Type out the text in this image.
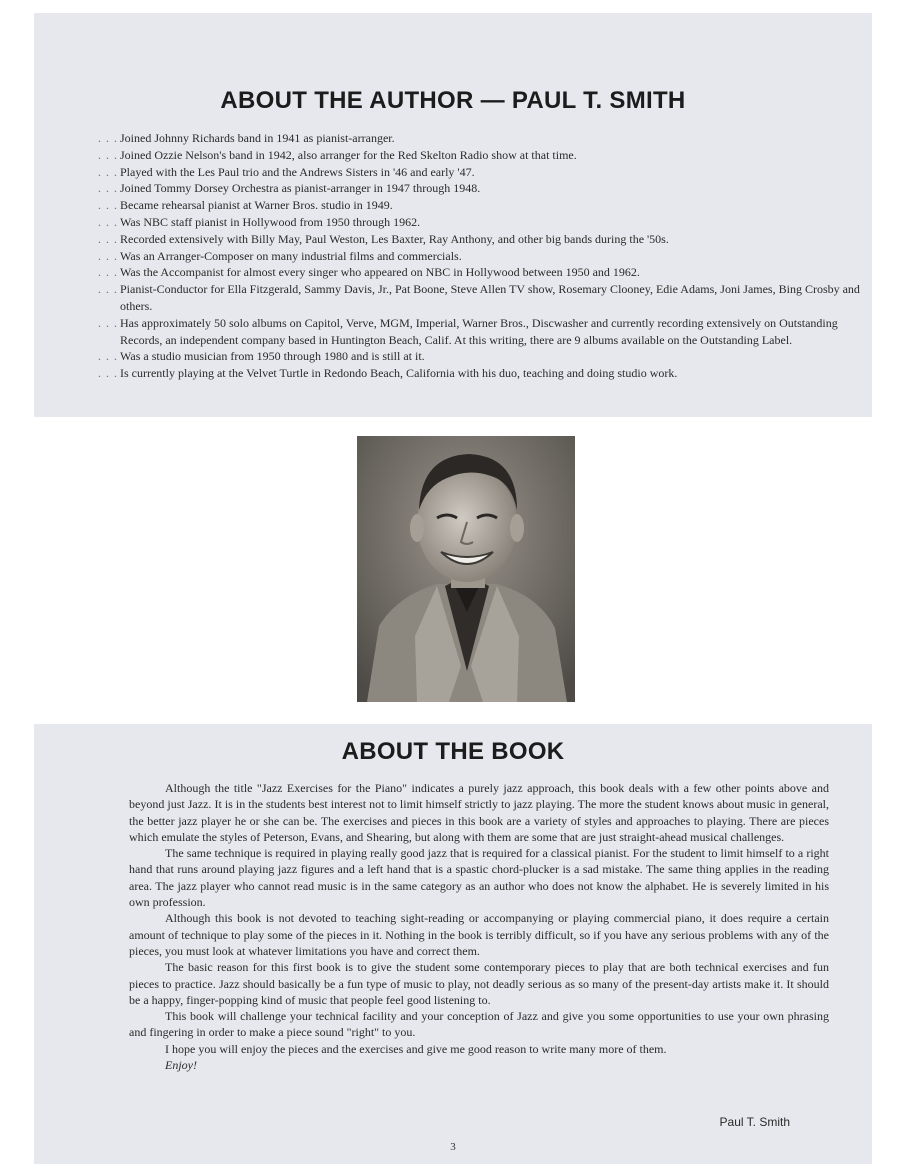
ABOUT THE AUTHOR — PAUL T. SMITH
. . . Joined Johnny Richards band in 1941 as pianist-arranger.
. . . Joined Ozzie Nelson's band in 1942, also arranger for the Red Skelton Radio show at that time.
. . . Played with the Les Paul trio and the Andrews Sisters in '46 and early '47.
. . . Joined Tommy Dorsey Orchestra as pianist-arranger in 1947 through 1948.
. . . Became rehearsal pianist at Warner Bros. studio in 1949.
. . . Was NBC staff pianist in Hollywood from 1950 through 1962.
. . . Recorded extensively with Billy May, Paul Weston, Les Baxter, Ray Anthony, and other big bands during the '50s.
. . . Was an Arranger-Composer on many industrial films and commercials.
. . . Was the Accompanist for almost every singer who appeared on NBC in Hollywood between 1950 and 1962.
. . . Pianist-Conductor for Ella Fitzgerald, Sammy Davis, Jr., Pat Boone, Steve Allen TV show, Rosemary Clooney, Edie Adams, Joni James, Bing Crosby and others.
. . . Has approximately 50 solo albums on Capitol, Verve, MGM, Imperial, Warner Bros., Discwasher and currently recording extensively on Outstanding Records, an independent company based in Huntington Beach, Calif. At this writing, there are 9 albums available on the Outstanding Label.
. . . Was a studio musician from 1950 through 1980 and is still at it.
. . . Is currently playing at the Velvet Turtle in Redondo Beach, California with his duo, teaching and doing studio work.
ABOUT THE BOOK

Although the title "Jazz Exercises for the Piano" indicates a purely jazz approach, this book deals with a few other points above and beyond just Jazz. It is in the students best interest not to limit himself strictly to jazz playing. The more the student knows about music in general, the better jazz player he or she can be. The exercises and pieces in this book are a variety of styles and approaches to playing. There are pieces which emulate the styles of Peterson, Evans, and Shearing, but along with them are some that are just straight-ahead musical challenges.

The same technique is required in playing really good jazz that is required for a classical pianist. For the student to limit himself to a right hand that runs around playing jazz figures and a left hand that is a spastic chord-plucker is a sad mistake. The same thing applies in the reading area. The jazz player who cannot read music is in the same category as an author who does not know the alphabet. He is severely limited in his own profession.

Although this book is not devoted to teaching sight-reading or accompanying or playing commercial piano, it does require a certain amount of technique to play some of the pieces in it. Nothing in the book is terribly difficult, so if you have any serious problems with any of the pieces, you must look at whatever limitations you have and correct them.

The basic reason for this first book is to give the student some contemporary pieces to play that are both technical exercises and fun pieces to practice. Jazz should basically be a fun type of music to play, not deadly serious as so many of the present-day artists make it. It should be a happy, finger-popping kind of music that people feel good listening to.

This book will challenge your technical facility and your conception of Jazz and give you some opportunities to use your own phrasing and fingering in order to make a piece sound "right" to you.

I hope you will enjoy the pieces and the exercises and give me good reason to write many more of them.

Enjoy!

Paul T. Smith
3
